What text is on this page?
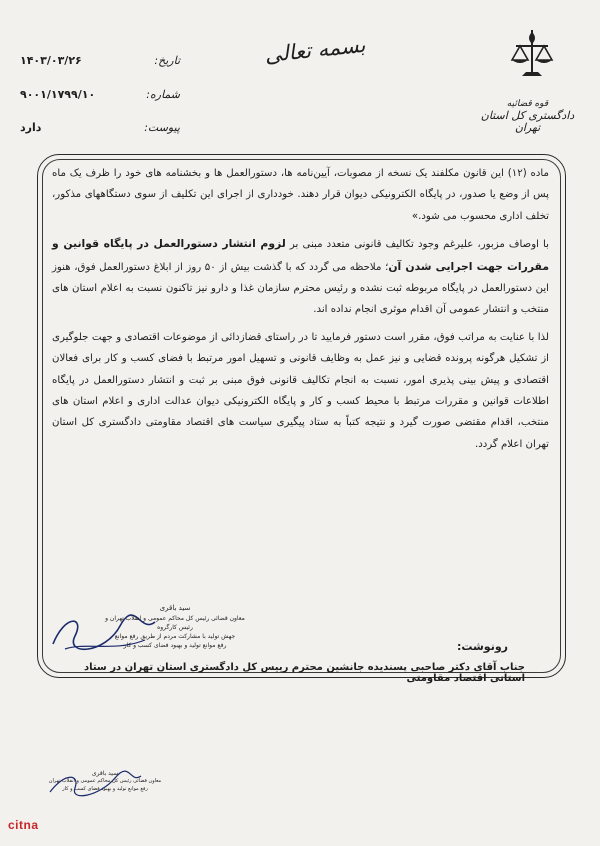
قوه قضائیه
دادگستری کل استان تهران
بسمه تعالی
تاریخ:
۱۴۰۳/۰۳/۲۶
شماره:
۹۰۰۱/۱۷۹۹/۱۰
پیوست:
دارد

ماده (۱۲) این قانون مکلفند یک نسخه از مصوبات، آیین‌نامه ها، دستورالعمل ها و بخشنامه های خود را ظرف یک ماه پس از وضع یا صدور، در پایگاه الکترونیکی دیوان قرار دهند. خودداری از اجرای این تکلیف از سوی دستگاههای مذکور، تخلف اداری محسوب می شود.»

با اوصاف مزبور، علیرغم وجود تکالیف قانونی متعدد مبنی بر لزوم انتشار دستورالعمل در پایگاه قوانین و مقررات جهت اجرایی شدن آن؛ ملاحظه می گردد که با گذشت بیش از ۵۰ روز از ابلاغ دستورالعمل فوق، هنوز این دستورالعمل در پایگاه مربوطه ثبت نشده و رئیس محترم سازمان غذا و دارو نیز تاکنون نسبت به اعلام استان های منتخب و انتشار عمومی آن اقدام موثری انجام نداده اند.

لذا با عنایت به مراتب فوق، مقرر است دستور فرمایید تا در راستای قضازدائی از موضوعات اقتصادی و جهت جلوگیری از تشکیل هرگونه پرونده قضایی و نیز عمل به وظایف قانونی و تسهیل امور مرتبط با فضای کسب و کار برای فعالان اقتصادی و پیش بینی پذیری امور، نسبت به انجام تکالیف قانونی فوق مبنی بر ثبت و انتشار دستورالعمل در پایگاه اطلاعات قوانین و مقررات مرتبط با محیط کسب و کار و پایگاه الکترونیکی دیوان عدالت اداری و اعلام استان های منتخب، اقدام مقتضی صورت گیرد و نتیجه کتباً به ستاد پیگیری سیاست های اقتصاد مقاومتی دادگستری کل استان تهران اعلام گردد.

سید باقری
معاون قضائی رئیس کل محاکم عمومی و انقلاب تهران و رئیس کارگروه
جهش تولید با مشارکت مردم از طریق رفع موانع
رفع موانع تولید و بهبود فضای کسب و کار	رونوشت:
جناب آقای دکتر صاحبی پسندیده جانشین محترم رییس کل دادگستری استان تهران در ستاد استانی اقتصاد مقاومتی
سید باقری
معاون قضائی رئیس کل محاکم عمومی و انقلاب تهران
رفع موانع تولید و بهبود فضای کسب و کار
citna
